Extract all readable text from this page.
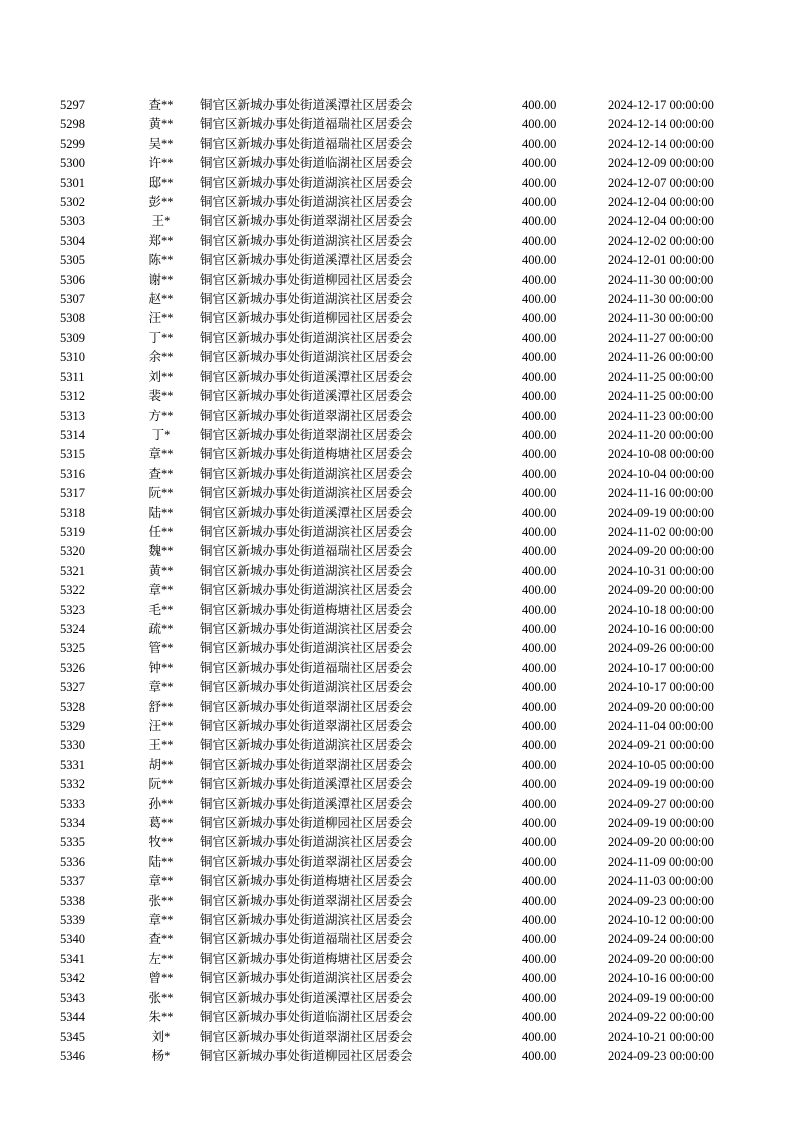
5297	查**	铜官区新城办事处街道溪潭社区居委会		400.00	2024-12-17 00:00:00
5298	黄**	铜官区新城办事处街道福瑞社区居委会		400.00	2024-12-14 00:00:00
5299	吴**	铜官区新城办事处街道福瑞社区居委会		400.00	2024-12-14 00:00:00
5300	许**	铜官区新城办事处街道临湖社区居委会		400.00	2024-12-09 00:00:00
5301	邸**	铜官区新城办事处街道湖滨社区居委会		400.00	2024-12-07 00:00:00
5302	彭**	铜官区新城办事处街道湖滨社区居委会		400.00	2024-12-04 00:00:00
5303	王*	铜官区新城办事处街道翠湖社区居委会		400.00	2024-12-04 00:00:00
5304	郑**	铜官区新城办事处街道湖滨社区居委会		400.00	2024-12-02 00:00:00
5305	陈**	铜官区新城办事处街道溪潭社区居委会		400.00	2024-12-01 00:00:00
5306	谢**	铜官区新城办事处街道柳园社区居委会		400.00	2024-11-30 00:00:00
5307	赵**	铜官区新城办事处街道湖滨社区居委会		400.00	2024-11-30 00:00:00
5308	汪**	铜官区新城办事处街道柳园社区居委会		400.00	2024-11-30 00:00:00
5309	丁**	铜官区新城办事处街道湖滨社区居委会		400.00	2024-11-27 00:00:00
5310	余**	铜官区新城办事处街道湖滨社区居委会		400.00	2024-11-26 00:00:00
5311	刘**	铜官区新城办事处街道溪潭社区居委会		400.00	2024-11-25 00:00:00
5312	裴**	铜官区新城办事处街道溪潭社区居委会		400.00	2024-11-25 00:00:00
5313	方**	铜官区新城办事处街道翠湖社区居委会		400.00	2024-11-23 00:00:00
5314	丁*	铜官区新城办事处街道翠湖社区居委会		400.00	2024-11-20 00:00:00
5315	章**	铜官区新城办事处街道梅塘社区居委会		400.00	2024-10-08 00:00:00
5316	查**	铜官区新城办事处街道湖滨社区居委会		400.00	2024-10-04 00:00:00
5317	阮**	铜官区新城办事处街道湖滨社区居委会		400.00	2024-11-16 00:00:00
5318	陆**	铜官区新城办事处街道溪潭社区居委会		400.00	2024-09-19 00:00:00
5319	任**	铜官区新城办事处街道湖滨社区居委会		400.00	2024-11-02 00:00:00
5320	魏**	铜官区新城办事处街道福瑞社区居委会		400.00	2024-09-20 00:00:00
5321	黄**	铜官区新城办事处街道湖滨社区居委会		400.00	2024-10-31 00:00:00
5322	章**	铜官区新城办事处街道湖滨社区居委会		400.00	2024-09-20 00:00:00
5323	毛**	铜官区新城办事处街道梅塘社区居委会		400.00	2024-10-18 00:00:00
5324	疏**	铜官区新城办事处街道湖滨社区居委会		400.00	2024-10-16 00:00:00
5325	管**	铜官区新城办事处街道湖滨社区居委会		400.00	2024-09-26 00:00:00
5326	钟**	铜官区新城办事处街道福瑞社区居委会		400.00	2024-10-17 00:00:00
5327	章**	铜官区新城办事处街道湖滨社区居委会		400.00	2024-10-17 00:00:00
5328	舒**	铜官区新城办事处街道翠湖社区居委会		400.00	2024-09-20 00:00:00
5329	汪**	铜官区新城办事处街道翠湖社区居委会		400.00	2024-11-04 00:00:00
5330	王**	铜官区新城办事处街道湖滨社区居委会		400.00	2024-09-21 00:00:00
5331	胡**	铜官区新城办事处街道翠湖社区居委会		400.00	2024-10-05 00:00:00
5332	阮**	铜官区新城办事处街道溪潭社区居委会		400.00	2024-09-19 00:00:00
5333	孙**	铜官区新城办事处街道溪潭社区居委会		400.00	2024-09-27 00:00:00
5334	葛**	铜官区新城办事处街道柳园社区居委会		400.00	2024-09-19 00:00:00
5335	牧**	铜官区新城办事处街道湖滨社区居委会		400.00	2024-09-20 00:00:00
5336	陆**	铜官区新城办事处街道翠湖社区居委会		400.00	2024-11-09 00:00:00
5337	章**	铜官区新城办事处街道梅塘社区居委会		400.00	2024-11-03 00:00:00
5338	张**	铜官区新城办事处街道翠湖社区居委会		400.00	2024-09-23 00:00:00
5339	章**	铜官区新城办事处街道湖滨社区居委会		400.00	2024-10-12 00:00:00
5340	查**	铜官区新城办事处街道福瑞社区居委会		400.00	2024-09-24 00:00:00
5341	左**	铜官区新城办事处街道梅塘社区居委会		400.00	2024-09-20 00:00:00
5342	曾**	铜官区新城办事处街道湖滨社区居委会		400.00	2024-10-16 00:00:00
5343	张**	铜官区新城办事处街道溪潭社区居委会		400.00	2024-09-19 00:00:00
5344	朱**	铜官区新城办事处街道临湖社区居委会		400.00	2024-09-22 00:00:00
5345	刘*	铜官区新城办事处街道翠湖社区居委会		400.00	2024-10-21 00:00:00
5346	杨*	铜官区新城办事处街道柳园社区居委会		400.00	2024-09-23 00:00:00
